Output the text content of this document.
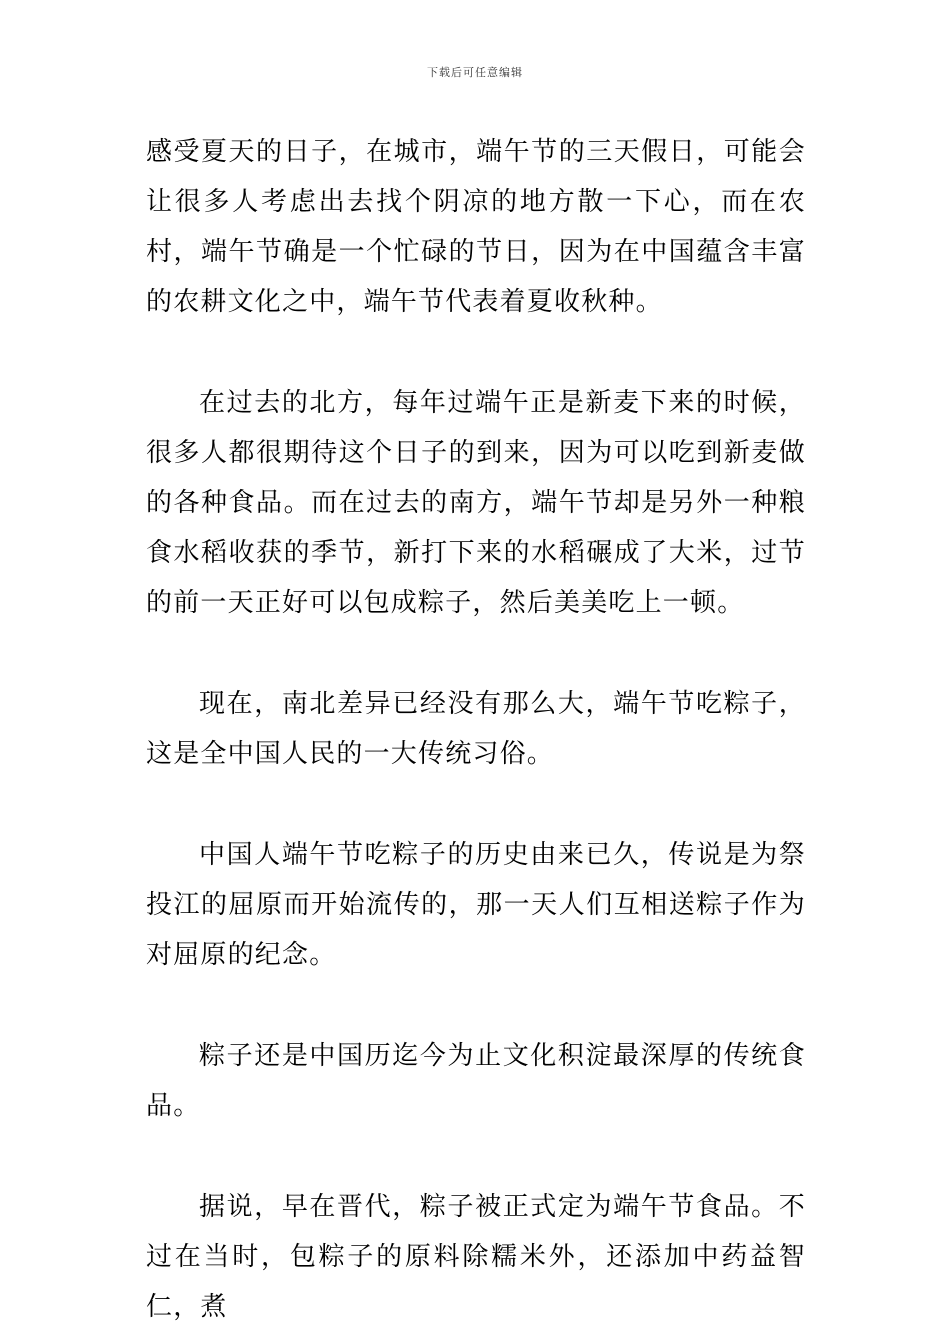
下载后可任意编辑

感受夏天的日子，在城市，端午节的三天假日，可能会让很多人考虑出去找个阴凉的地方散一下心，而在农村，端午节确是一个忙碌的节日，因为在中国蕴含丰富的农耕文化之中，端午节代表着夏收秋种。

在过去的北方，每年过端午正是新麦下来的时候，很多人都很期待这个日子的到来，因为可以吃到新麦做的各种食品。而在过去的南方，端午节却是另外一种粮食水稻收获的季节，新打下来的水稻碾成了大米，过节的前一天正好可以包成粽子，然后美美吃上一顿。

现在，南北差异已经没有那么大，端午节吃粽子，这是全中国人民的一大传统习俗。

中国人端午节吃粽子的历史由来已久，传说是为祭投江的屈原而开始流传的，那一天人们互相送粽子作为对屈原的纪念。

粽子还是中国历迄今为止文化积淀最深厚的传统食品。

据说，早在晋代，粽子被正式定为端午节食品。不过在当时，包粽子的原料除糯米外，还添加中药益智仁，煮
